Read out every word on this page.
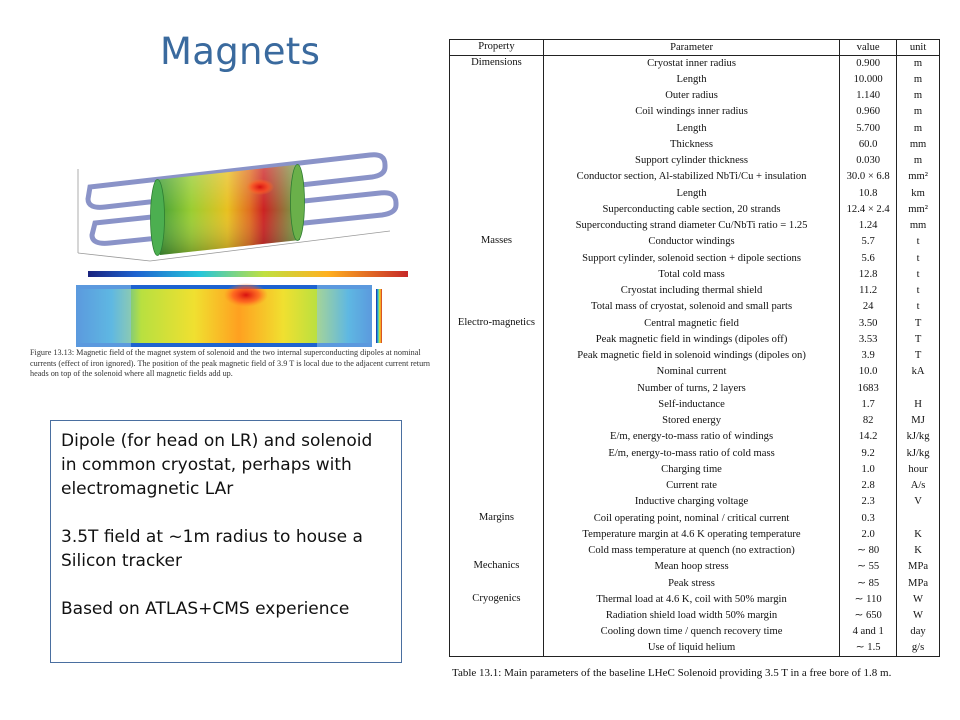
Magnets
Figure 13.13: Magnetic field of the magnet system of solenoid and the two internal superconducting dipoles at nominal currents (effect of iron ignored). The position of the peak magnetic field of 3.9 T is local due to the adjacent current return heads on top of the solenoid where all magnetic fields add up.

Dipole (for head on LR) and solenoid in common cryostat, perhaps with electromagnetic LAr

3.5T field at ~1m radius to house a Silicon tracker

Based on ATLAS+CMS experience

Property	Parameter	value	unit
Dimensions	Cryostat inner radius	0.900	m
	Length	10.000	m
	Outer radius	1.140	m
	Coil windings inner radius	0.960	m
	Length	5.700	m
	Thickness	60.0	mm
	Support cylinder thickness	0.030	m
	Conductor section, Al-stabilized NbTi/Cu + insulation	30.0 × 6.8	mm²
	Length	10.8	km
	Superconducting cable section, 20 strands	12.4 × 2.4	mm²
	Superconducting strand diameter Cu/NbTi ratio = 1.25	1.24	mm
Masses	Conductor windings	5.7	t
	Support cylinder, solenoid section + dipole sections	5.6	t
	Total cold mass	12.8	t
	Cryostat including thermal shield	11.2	t
	Total mass of cryostat, solenoid and small parts	24	t
Electro-magnetics	Central magnetic field	3.50	T
	Peak magnetic field in windings (dipoles off)	3.53	T
	Peak magnetic field in solenoid windings (dipoles on)	3.9	T
	Nominal current	10.0	kA
	Number of turns, 2 layers	1683	
	Self-inductance	1.7	H
	Stored energy	82	MJ
	E/m, energy-to-mass ratio of windings	14.2	kJ/kg
	E/m, energy-to-mass ratio of cold mass	9.2	kJ/kg
	Charging time	1.0	hour
	Current rate	2.8	A/s
	Inductive charging voltage	2.3	V
Margins	Coil operating point, nominal / critical current	0.3	
	Temperature margin at 4.6 K operating temperature	2.0	K
	Cold mass temperature at quench (no extraction)	∼ 80	K
Mechanics	Mean hoop stress	∼ 55	MPa
	Peak stress	∼ 85	MPa
Cryogenics	Thermal load at 4.6 K, coil with 50% margin	∼ 110	W
	Radiation shield load width 50% margin	∼ 650	W
	Cooling down time / quench recovery time	4 and 1	day
	Use of liquid helium	∼ 1.5	g/s
Table 13.1: Main parameters of the baseline LHeC Solenoid providing 3.5 T in a free bore of 1.8 m.
